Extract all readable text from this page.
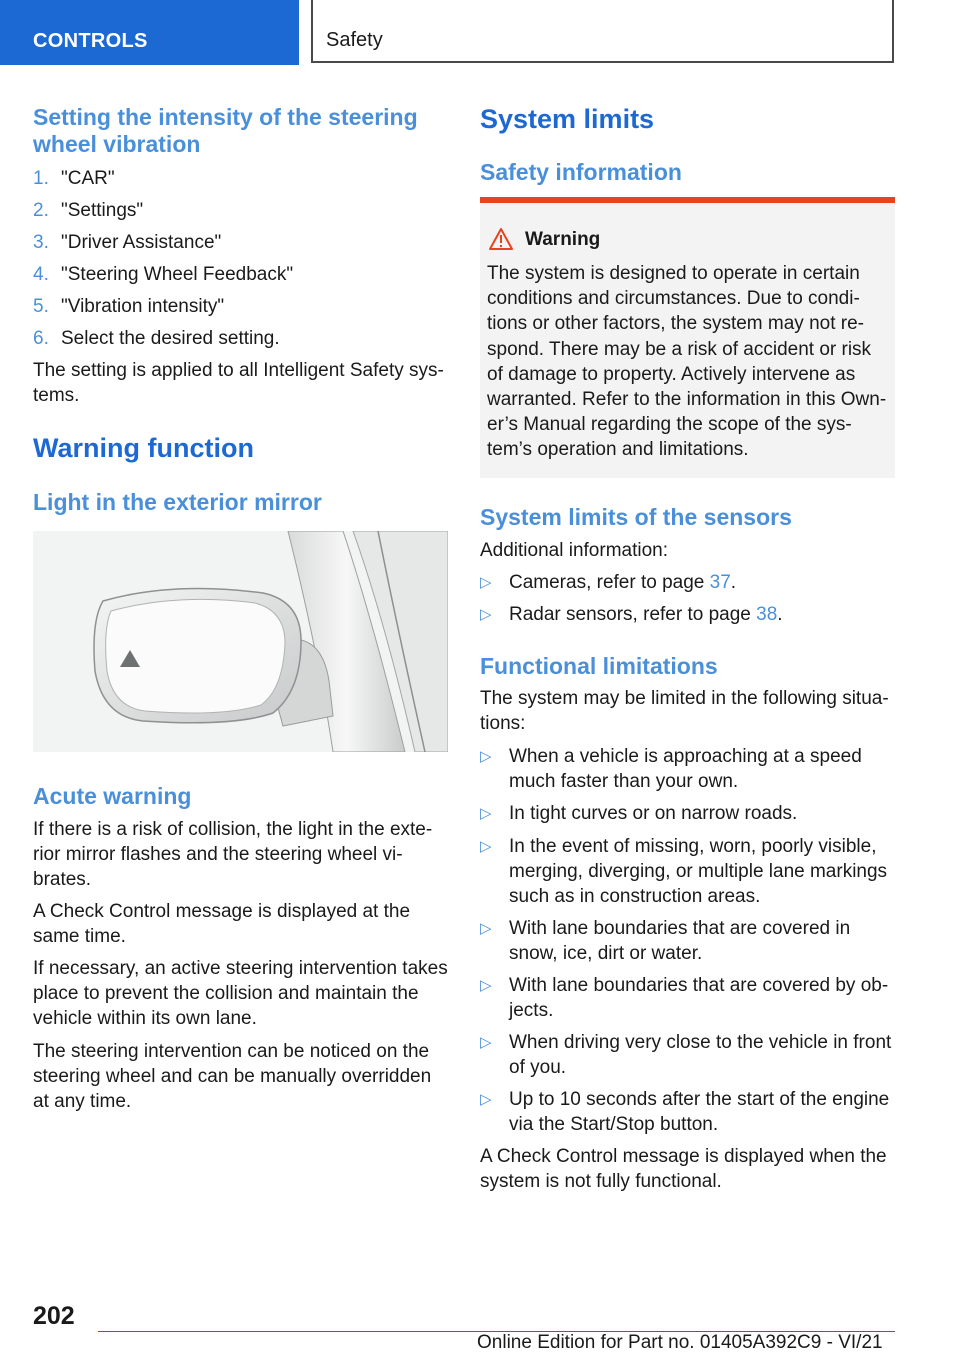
CONTROLS	Safety
Setting the intensity of the steering
wheel vibration
1. "CAR"
2. "Settings"
3. "Driver Assistance"
4. "Steering Wheel Feedback"
5. "Vibration intensity"
6. Select the desired setting.
The setting is applied to all Intelligent Safety sys-
tems.
Warning function
Light in the exterior mirror
Acute warning
If there is a risk of collision, the light in the exte-
rior mirror flashes and the steering wheel vi-
brates.
A Check Control message is displayed at the
same time.
If necessary, an active steering intervention takes
place to prevent the collision and maintain the
vehicle within its own lane.
The steering intervention can be noticed on the
steering wheel and can be manually overridden
at any time.
System limits
Safety information
Warning
The system is designed to operate in certain
conditions and circumstances. Due to condi-
tions or other factors, the system may not re-
spond. There may be a risk of accident or risk
of damage to property. Actively intervene as
warranted. Refer to the information in this Own-
er’s Manual regarding the scope of the sys-
tem’s operation and limitations.
System limits of the sensors
Additional information:
▷ Cameras, refer to page 37.
▷ Radar sensors, refer to page 38.
Functional limitations
The system may be limited in the following situa-
tions:
▷ When a vehicle is approaching at a speed
much faster than your own.
▷ In tight curves or on narrow roads.
▷ In the event of missing, worn, poorly visible,
merging, diverging, or multiple lane markings
such as in construction areas.
▷ With lane boundaries that are covered in
snow, ice, dirt or water.
▷ With lane boundaries that are covered by ob-
jects.
▷ When driving very close to the vehicle in front
of you.
▷ Up to 10 seconds after the start of the engine
via the Start/Stop button.
A Check Control message is displayed when the
system is not fully functional.
202
Online Edition for Part no. 01405A392C9 - VI/21
